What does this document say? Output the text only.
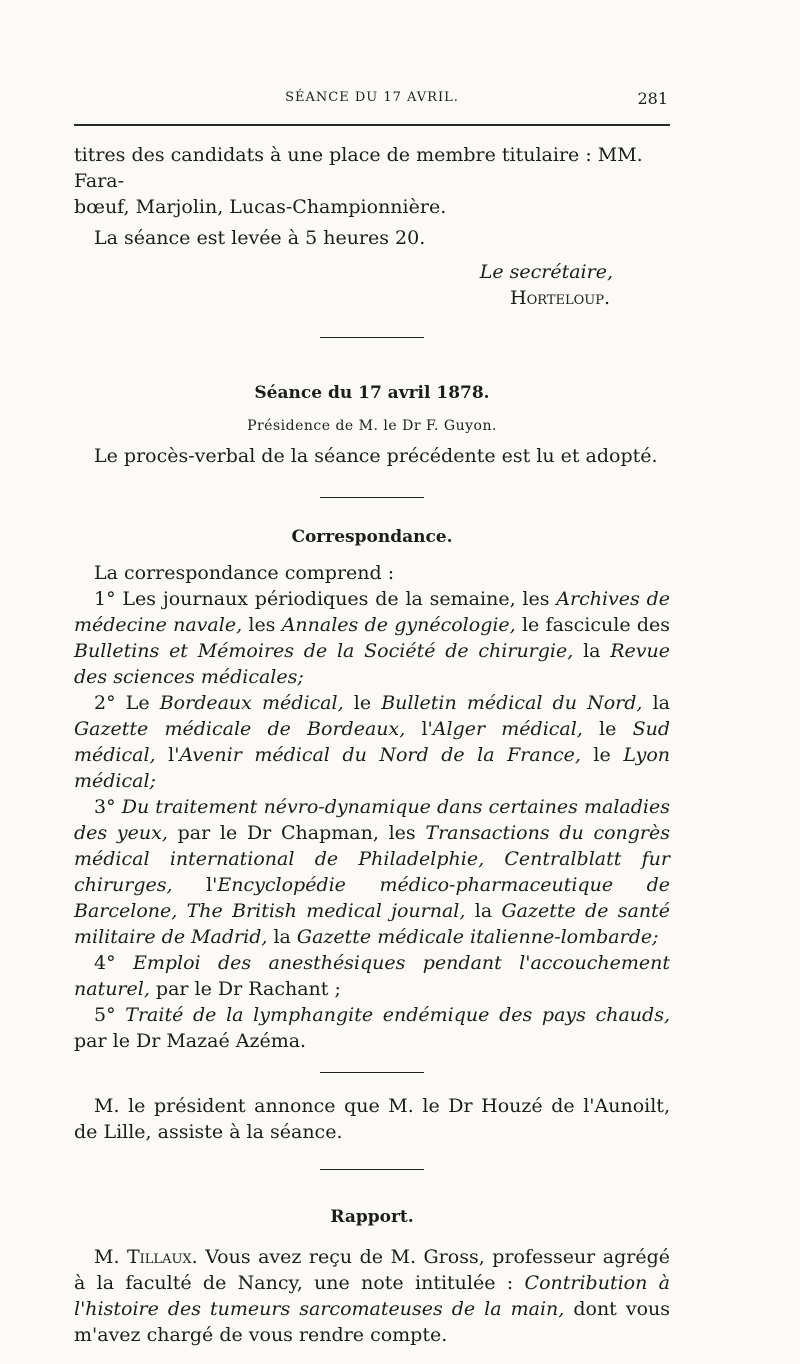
SÉANCE DU 17 AVRIL.	281

titres des candidats à une place de membre titulaire : MM. Fara-

bœuf, Marjolin, Lucas-Championnière.

La séance est levée à 5 heures 20.

Le secrétaire,

Horteloup.

Séance du 17 avril 1878.

Présidence de M. le Dr F. Guyon.

Le procès-verbal de la séance précédente est lu et adopté.

Correspondance.

La correspondance comprend :

1° Les journaux périodiques de la semaine, les Archives de médecine navale, les Annales de gynécologie, le fascicule des Bulletins et Mémoires de la Société de chirurgie, la Revue des sciences médicales;

2° Le Bordeaux médical, le Bulletin médical du Nord, la Gazette médicale de Bordeaux, l'Alger médical, le Sud médical, l'Avenir médical du Nord de la France, le Lyon médical;

3° Du traitement névro-dynamique dans certaines maladies des yeux, par le Dr Chapman, les Transactions du congrès médical international de Philadelphie, Centralblatt fur chirurges, l'Encyclopédie médico-pharmaceutique de Barcelone, The British medical journal, la Gazette de santé militaire de Madrid, la Gazette médicale italienne-lombarde;

4° Emploi des anesthésiques pendant l'accouchement naturel, par le Dr Rachant ;

5° Traité de la lymphangite endémique des pays chauds, par le Dr Mazaé Azéma.

M. le président annonce que M. le Dr Houzé de l'Aunoilt, de Lille, assiste à la séance.

Rapport.

M. Tillaux. Vous avez reçu de M. Gross, professeur agrégé à la faculté de Nancy, une note intitulée : Contribution à l'histoire des tumeurs sarcomateuses de la main, dont vous m'avez chargé de vous rendre compte.
